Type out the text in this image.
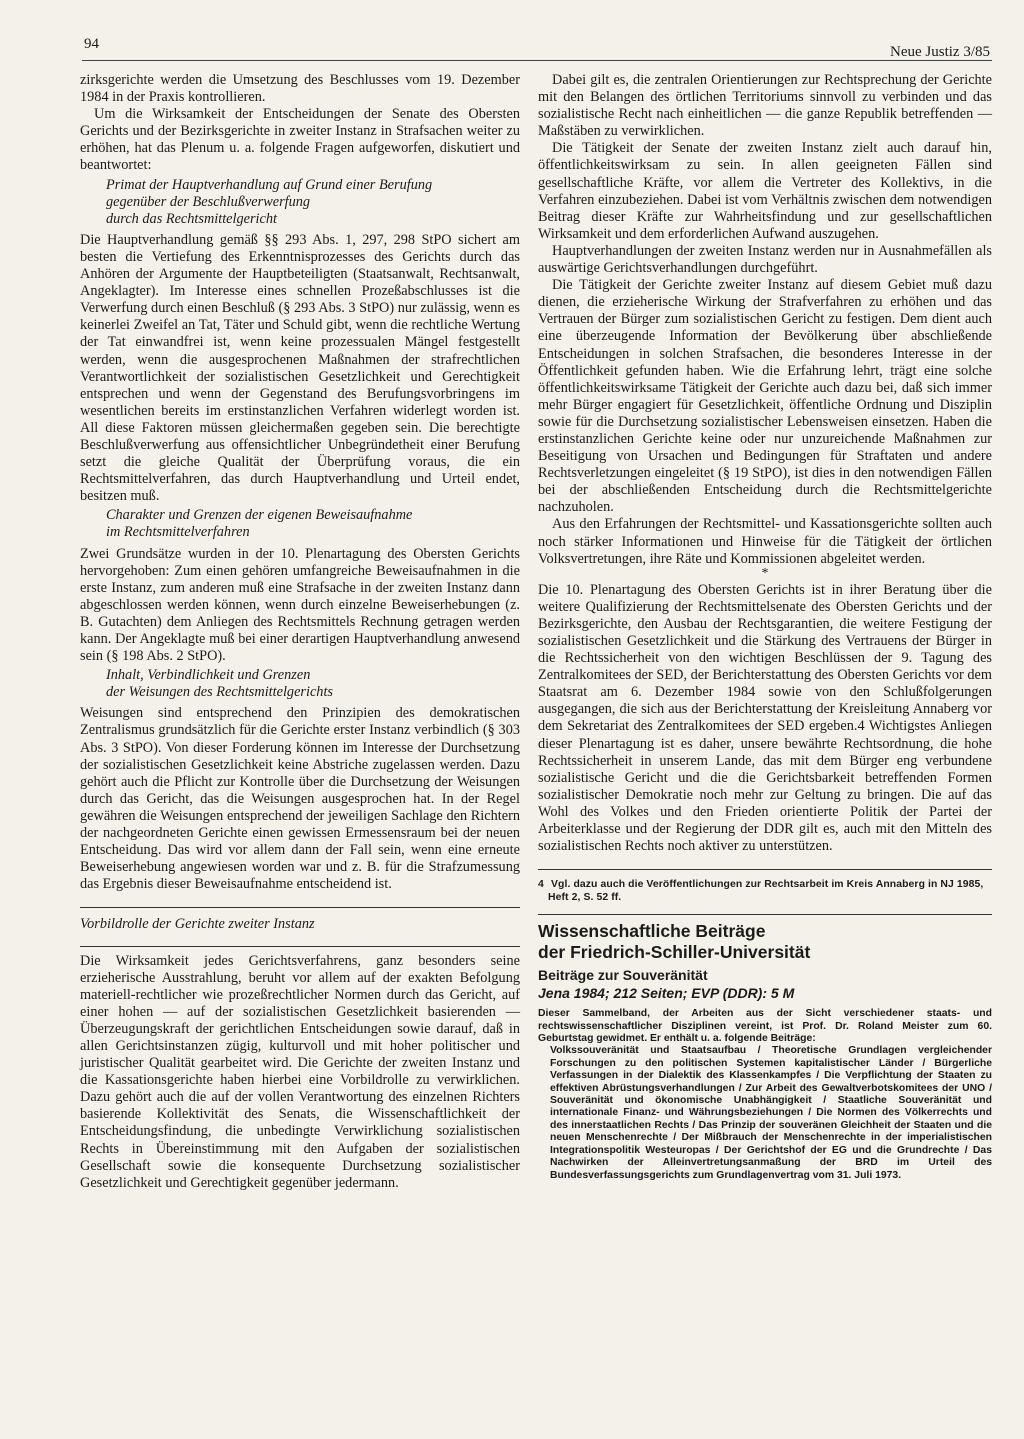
94	Neue Justiz 3/85

zirksgerichte werden die Umsetzung des Beschlusses vom 19. Dezember 1984 in der Praxis kontrollieren.

Um die Wirksamkeit der Entscheidungen der Senate des Obersten Gerichts und der Bezirksgerichte in zweiter Instanz in Strafsachen weiter zu erhöhen, hat das Plenum u. a. folgende Fragen aufgeworfen, diskutiert und beantwortet:

Primat der Hauptverhandlung auf Grund einer Berufung
gegenüber der Beschlußverwerfung
durch das Rechtsmittelgericht

Die Hauptverhandlung gemäß §§ 293 Abs. 1, 297, 298 StPO sichert am besten die Vertiefung des Erkenntnisprozesses des Gerichts durch das Anhören der Argumente der Hauptbeteiligten (Staatsanwalt, Rechtsanwalt, Angeklagter). Im Interesse eines schnellen Prozeßabschlusses ist die Verwerfung durch einen Beschluß (§ 293 Abs. 3 StPO) nur zulässig, wenn es keinerlei Zweifel an Tat, Täter und Schuld gibt, wenn die rechtliche Wertung der Tat einwandfrei ist, wenn keine prozessualen Mängel festgestellt werden, wenn die ausgesprochenen Maßnahmen der strafrechtlichen Verantwortlichkeit der sozialistischen Gesetzlichkeit und Gerechtigkeit entsprechen und wenn der Gegenstand des Berufungsvorbringens im wesentlichen bereits im erstinstanzlichen Verfahren widerlegt worden ist. All diese Faktoren müssen gleichermaßen gegeben sein. Die berechtigte Beschlußverwerfung aus offensichtlicher Unbegründetheit einer Berufung setzt die gleiche Qualität der Überprüfung voraus, die ein Rechtsmittelverfahren, das durch Hauptverhandlung und Urteil endet, besitzen muß.

Charakter und Grenzen der eigenen Beweisaufnahme
im Rechtsmittelverfahren

Zwei Grundsätze wurden in der 10. Plenartagung des Obersten Gerichts hervorgehoben: Zum einen gehören umfangreiche Beweisaufnahmen in die erste Instanz, zum anderen muß eine Strafsache in der zweiten Instanz dann abgeschlossen werden können, wenn durch einzelne Beweiserhebungen (z. B. Gutachten) dem Anliegen des Rechtsmittels Rechnung getragen werden kann. Der Angeklagte muß bei einer derartigen Hauptverhandlung anwesend sein (§ 198 Abs. 2 StPO).

Inhalt, Verbindlichkeit und Grenzen
der Weisungen des Rechtsmittelgerichts

Weisungen sind entsprechend den Prinzipien des demokratischen Zentralismus grundsätzlich für die Gerichte erster Instanz verbindlich (§ 303 Abs. 3 StPO). Von dieser Forderung können im Interesse der Durchsetzung der sozialistischen Gesetzlichkeit keine Abstriche zugelassen werden. Dazu gehört auch die Pflicht zur Kontrolle über die Durchsetzung der Weisungen durch das Gericht, das die Weisungen ausgesprochen hat. In der Regel gewähren die Weisungen entsprechend der jeweiligen Sachlage den Richtern der nachgeordneten Gerichte einen gewissen Ermessensraum bei der neuen Entscheidung. Das wird vor allem dann der Fall sein, wenn eine erneute Beweiserhebung angewiesen worden war und z. B. für die Strafzumessung das Ergebnis dieser Beweisaufnahme entscheidend ist.

Vorbildrolle der Gerichte zweiter Instanz

Die Wirksamkeit jedes Gerichtsverfahrens, ganz besonders seine erzieherische Ausstrahlung, beruht vor allem auf der exakten Befolgung materiell-rechtlicher wie prozeßrechtlicher Normen durch das Gericht, auf einer hohen — auf der sozialistischen Gesetzlichkeit basierenden — Überzeugungskraft der gerichtlichen Entscheidungen sowie darauf, daß in allen Gerichtsinstanzen zügig, kulturvoll und mit hoher politischer und juristischer Qualität gearbeitet wird. Die Gerichte der zweiten Instanz und die Kassationsgerichte haben hierbei eine Vorbildrolle zu verwirklichen. Dazu gehört auch die auf der vollen Verantwortung des einzelnen Richters basierende Kollektivität des Senats, die Wissenschaftlichkeit der Entscheidungsfindung, die unbedingte Verwirklichung sozialistischen Rechts in Übereinstimmung mit den Aufgaben der sozialistischen Gesellschaft sowie die konsequente Durchsetzung sozialistischer Gesetzlichkeit und Gerechtigkeit gegenüber jedermann.

Dabei gilt es, die zentralen Orientierungen zur Rechtsprechung der Gerichte mit den Belangen des örtlichen Territoriums sinnvoll zu verbinden und das sozialistische Recht nach einheitlichen — die ganze Republik betreffenden — Maßstäben zu verwirklichen.

Die Tätigkeit der Senate der zweiten Instanz zielt auch darauf hin, öffentlichkeitswirksam zu sein. In allen geeigneten Fällen sind gesellschaftliche Kräfte, vor allem die Vertreter des Kollektivs, in die Verfahren einzubeziehen. Dabei ist vom Verhältnis zwischen dem notwendigen Beitrag dieser Kräfte zur Wahrheitsfindung und zur gesellschaftlichen Wirksamkeit und dem erforderlichen Aufwand auszugehen.

Hauptverhandlungen der zweiten Instanz werden nur in Ausnahmefällen als auswärtige Gerichtsverhandlungen durchgeführt.

Die Tätigkeit der Gerichte zweiter Instanz auf diesem Gebiet muß dazu dienen, die erzieherische Wirkung der Strafverfahren zu erhöhen und das Vertrauen der Bürger zum sozialistischen Gericht zu festigen. Dem dient auch eine überzeugende Information der Bevölkerung über abschließende Entscheidungen in solchen Strafsachen, die besonderes Interesse in der Öffentlichkeit gefunden haben. Wie die Erfahrung lehrt, trägt eine solche öffentlichkeitswirksame Tätigkeit der Gerichte auch dazu bei, daß sich immer mehr Bürger engagiert für Gesetzlichkeit, öffentliche Ordnung und Disziplin sowie für die Durchsetzung sozialistischer Lebensweisen einsetzen. Haben die erstinstanzlichen Gerichte keine oder nur unzureichende Maßnahmen zur Beseitigung von Ursachen und Bedingungen für Straftaten und andere Rechtsverletzungen eingeleitet (§ 19 StPO), ist dies in den notwendigen Fällen bei der abschließenden Entscheidung durch die Rechtsmittelgerichte nachzuholen.

Aus den Erfahrungen der Rechtsmittel- und Kassationsgerichte sollten auch noch stärker Informationen und Hinweise für die Tätigkeit der örtlichen Volksvertretungen, ihre Räte und Kommissionen abgeleitet werden.

*

Die 10. Plenartagung des Obersten Gerichts ist in ihrer Beratung über die weitere Qualifizierung der Rechtsmittelsenate des Obersten Gerichts und der Bezirksgerichte, den Ausbau der Rechtsgarantien, die weitere Festigung der sozialistischen Gesetzlichkeit und die Stärkung des Vertrauens der Bürger in die Rechtssicherheit von den wichtigen Beschlüssen der 9. Tagung des Zentralkomitees der SED, der Berichterstattung des Obersten Gerichts vor dem Staatsrat am 6. Dezember 1984 sowie von den Schlußfolgerungen ausgegangen, die sich aus der Berichterstattung der Kreisleitung Annaberg vor dem Sekretariat des Zentralkomitees der SED ergeben.4 Wichtigstes Anliegen dieser Plenartagung ist es daher, unsere bewährte Rechtsordnung, die hohe Rechtssicherheit in unserem Lande, das mit dem Bürger eng verbundene sozialistische Gericht und die die Gerichtsbarkeit betreffenden Formen sozialistischer Demokratie noch mehr zur Geltung zu bringen. Die auf das Wohl des Volkes und den Frieden orientierte Politik der Partei der Arbeiterklasse und der Regierung der DDR gilt es, auch mit den Mitteln des sozialistischen Rechts noch aktiver zu unterstützen.

4 Vgl. dazu auch die Veröffentlichungen zur Rechtsarbeit im Kreis Annaberg in NJ 1985, Heft 2, S. 52 ff.
Wissenschaftliche Beiträge
der Friedrich-Schiller-Universität
Beiträge zur Souveränität
Jena 1984; 212 Seiten; EVP (DDR): 5 M
Dieser Sammelband, der Arbeiten aus der Sicht verschiedener staats- und rechtswissenschaftlicher Disziplinen vereint, ist Prof. Dr. Roland Meister zum 60. Geburtstag gewidmet. Er enthält u. a. folgende Beiträge:
Volkssouveränität und Staatsaufbau / Theoretische Grundlagen vergleichender Forschungen zu den politischen Systemen kapitalistischer Länder / Bürgerliche Verfassungen in der Dialektik des Klassenkampfes / Die Verpflichtung der Staaten zu effektiven Abrüstungsverhandlungen / Zur Arbeit des Gewaltverbotskomitees der UNO / Souveränität und ökonomische Unabhängigkeit / Staatliche Souveränität und internationale Finanz- und Währungsbeziehungen / Die Normen des Völkerrechts und des innerstaatlichen Rechts / Das Prinzip der souveränen Gleichheit der Staaten und die neuen Menschenrechte / Der Mißbrauch der Menschenrechte in der imperialistischen Integrationspolitik Westeuropas / Der Gerichtshof der EG und die Grundrechte / Das Nachwirken der Alleinvertretungsanmaßung der BRD im Urteil des Bundesverfassungsgerichts zum Grundlagenvertrag vom 31. Juli 1973.
